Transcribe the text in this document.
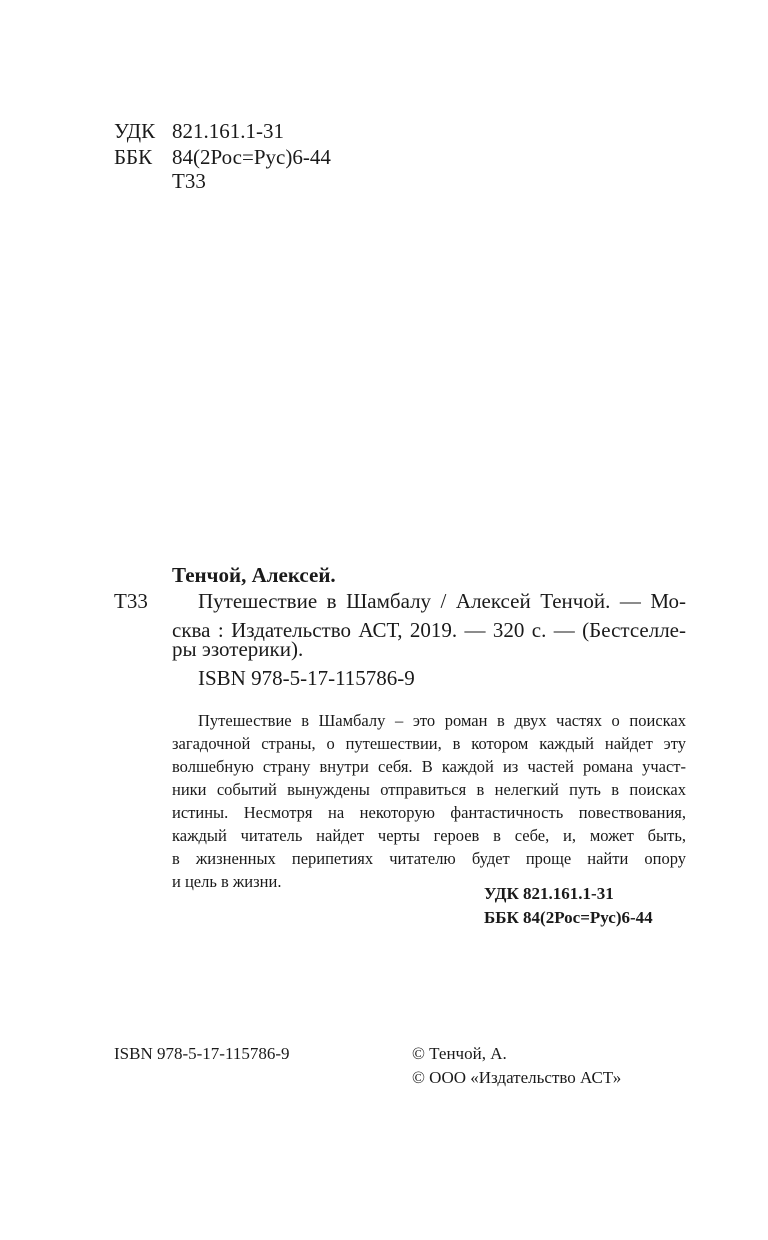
УДК 821.161.1-31
ББК 84(2Рос=Рус)6-44
Т33
Тенчой, Алексей.
Т33 Путешествие в Шамбалу / Алексей Тенчой. — Мо-
сква : Издательство АСТ, 2019. — 320 с. — (Бестселле-
ры эзотерики).
ISBN 978-5-17-115786-9
Путешествие в Шамбалу – это роман в двух частях о поисках
загадочной страны, о путешествии, в котором каждый найдет эту
волшебную страну внутри себя. В каждой из частей романа участ-
ники событий вынуждены отправиться в нелегкий путь в поисках
истины. Несмотря на некоторую фантастичность повествования,
каждый читатель найдет черты героев в себе, и, может быть,
в жизненных перипетиях читателю будет проще найти опору
и цель в жизни.
УДК 821.161.1-31
ББК 84(2Рос=Рус)6-44
ISBN 978-5-17-115786-9	© Тенчой, А.
© ООО «Издательство АСТ»
